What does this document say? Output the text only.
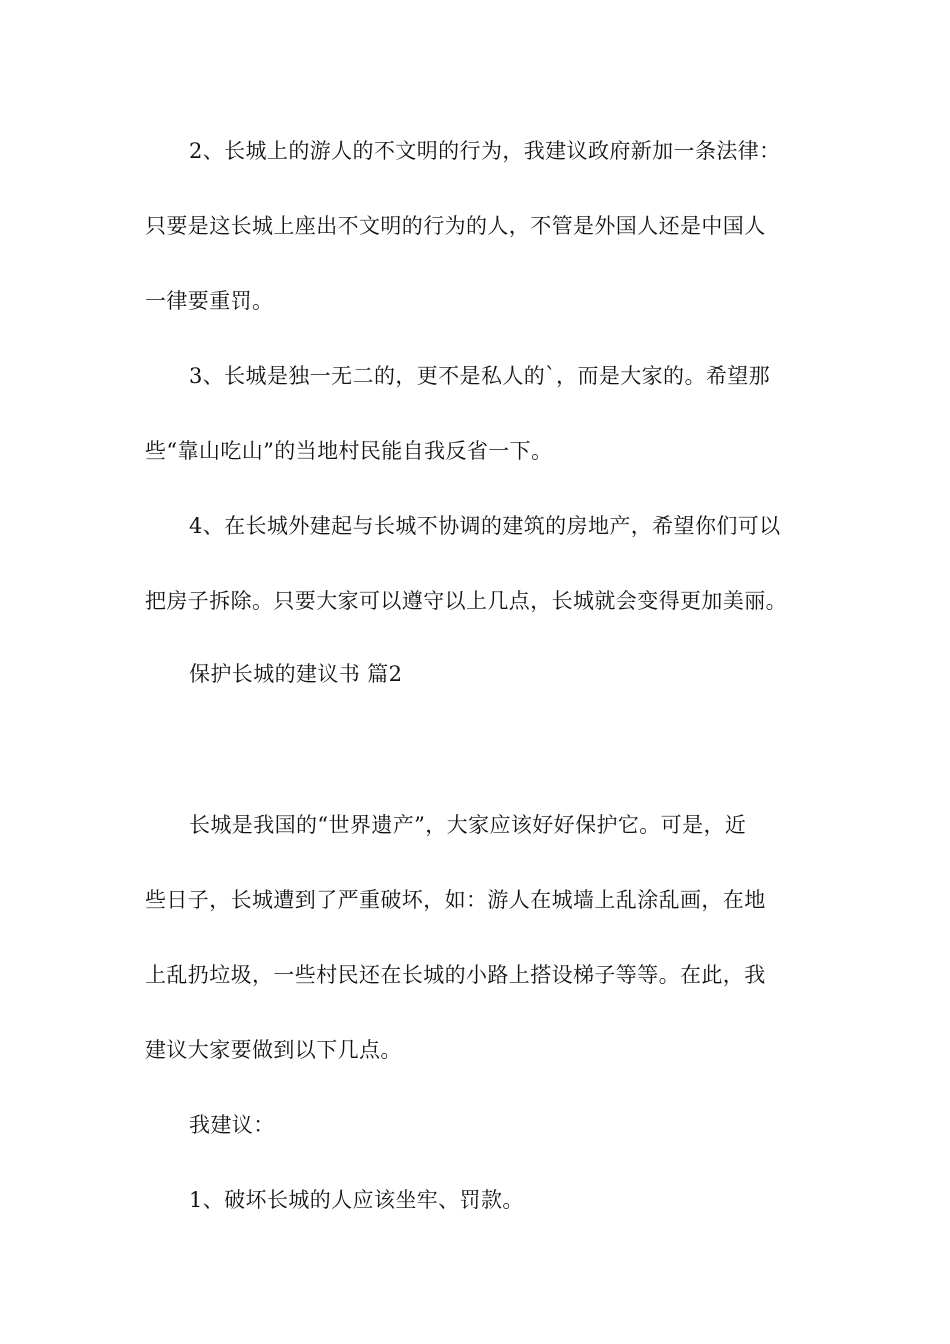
2、长城上的游人的不文明的行为，我建议政府新加一条法律：
只要是这长城上座出不文明的行为的人，不管是外国人还是中国人
一律要重罚。
3、长城是独一无二的，更不是私人的`，而是大家的。希望那
些“靠山吃山”的当地村民能自我反省一下。
4、在长城外建起与长城不协调的建筑的房地产，希望你们可以
把房子拆除。只要大家可以遵守以上几点，长城就会变得更加美丽。
保护长城的建议书 篇2
长城是我国的“世界遗产”，大家应该好好保护它。可是，近
些日子，长城遭到了严重破坏，如：游人在城墙上乱涂乱画，在地
上乱扔垃圾，一些村民还在长城的小路上搭设梯子等等。在此，我
建议大家要做到以下几点。
我建议：
1、破坏长城的人应该坐牢、罚款。
